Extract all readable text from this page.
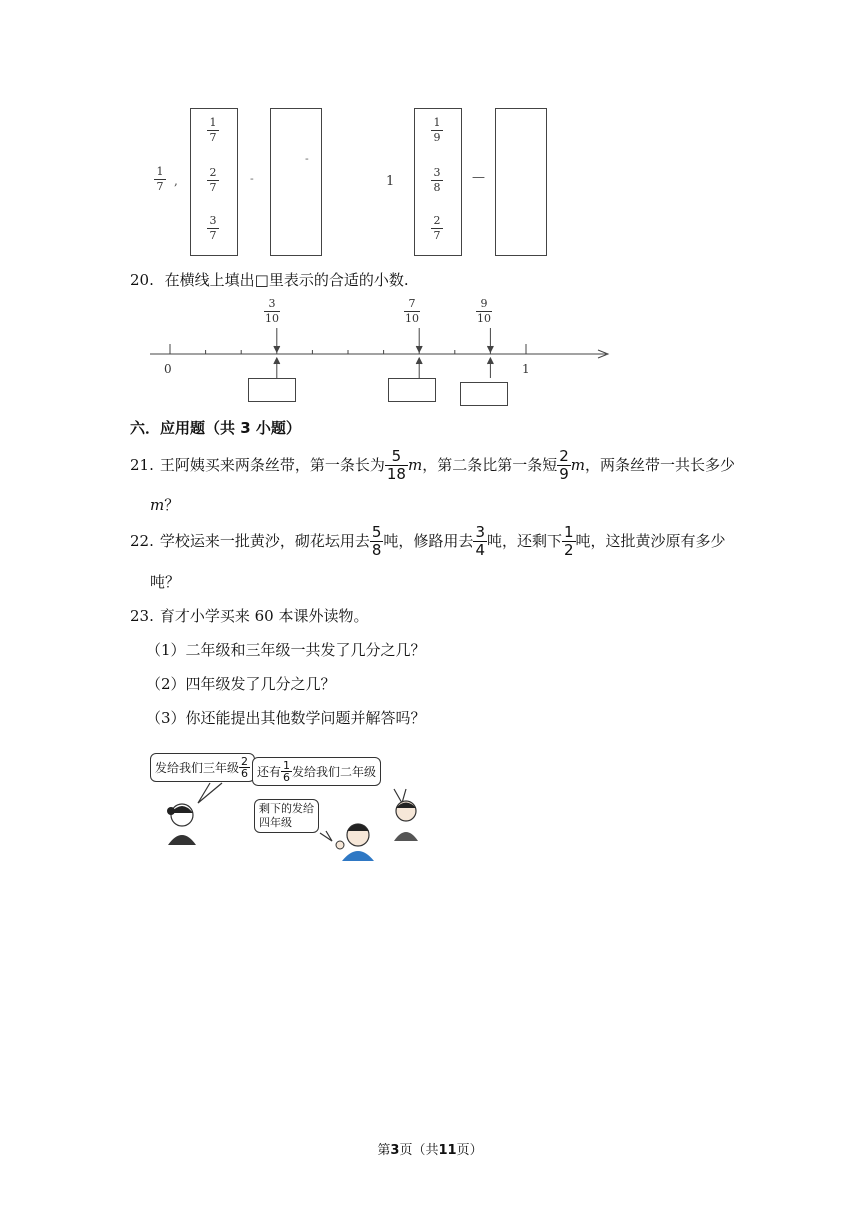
1
7 ,
1
7
2
7
3
7
-
-
1
1
9
3
8
2
7
—
20. 在横线上填出□里表示的合适的小数.
0	1
3
10
7
10
9
10
六．应用题（共 3 小题）
21. 王阿姨买来两条丝带，第一条长为 $\frac{5}{18}$ m ，第二条比第一条短 $\frac{2}{9}$ m ，两条丝带一共长多少
m？
22. 学校运来一批黄沙，砌花坛用去 $\frac{5}{8}$ 吨，修路用去 $\frac{3}{4}$ 吨，还剩下 $\frac{1}{2}$ 吨，这批黄沙原有多少
吨？
23. 育才小学买来 60 本课外读物。
（1）二年级和三年级一共发了几分之几？
（2）四年级发了几分之几？
（3）你还能提出其他数学问题并解答吗？
发给我们三年级 $\frac{2}{6}$ 还有 $\frac{1}{6}$ 发给我们二年级
剩下的发给
四年级
第3页（共11页）
